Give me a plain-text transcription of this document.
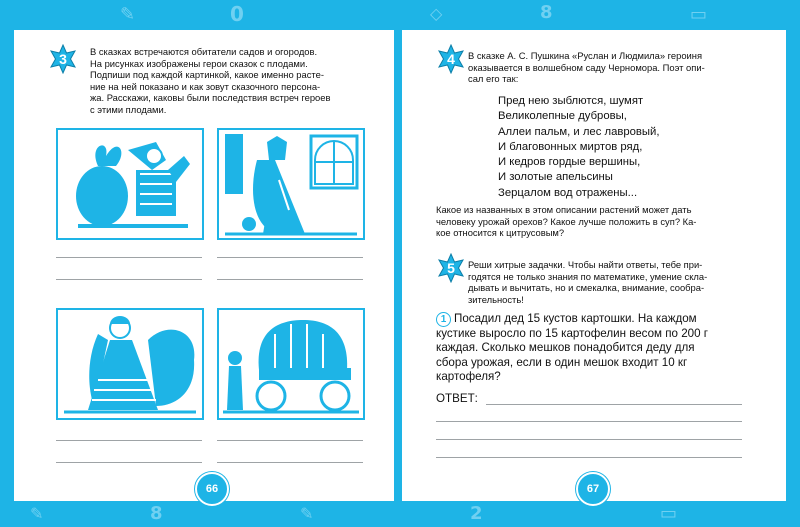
✎	0	◇	8	▭
✎	8	✎	2	▭
3	В сказках встречаются обитатели садов и огородов.
На рисунках изображены герои сказок с плодами.
Подпиши под каждой картинкой, какое именно расте-
ние на ней показано и как зовут сказочного персона-
жа. Расскажи, каковы были последствия встреч героев
с этими плодами.
66
4	В сказке А. С. Пушкина «Руслан и Людмила» героиня
оказывается в волшебном саду Черномора. Поэт опи-
сал его так:
Пред нею зыблются, шумят
Великолепные дубровы,
Аллеи пальм, и лес лавровый,
И благовонных миртов ряд,
И кедров гордые вершины,
И золотые апельсины
Зерцалом вод отражены...
Какое из названных в этом описании растений может дать
человеку урожай орехов? Какое лучше положить в суп? Ка-
кое относится к цитрусовым?
5	Реши хитрые задачки. Чтобы найти ответы, тебе при-
годятся не только знания по математике, умение скла-
дывать и вычитать, но и смекалка, внимание, сообра-
зительность!
1 Посадил дед 15 кустов картошки. На каждом
кустике выросло по 15 картофелин весом по 200 г
каждая. Сколько мешков понадобится деду для
сбора урожая, если в один мешок входит 10 кг
картофеля?
ОТВЕТ:
67
